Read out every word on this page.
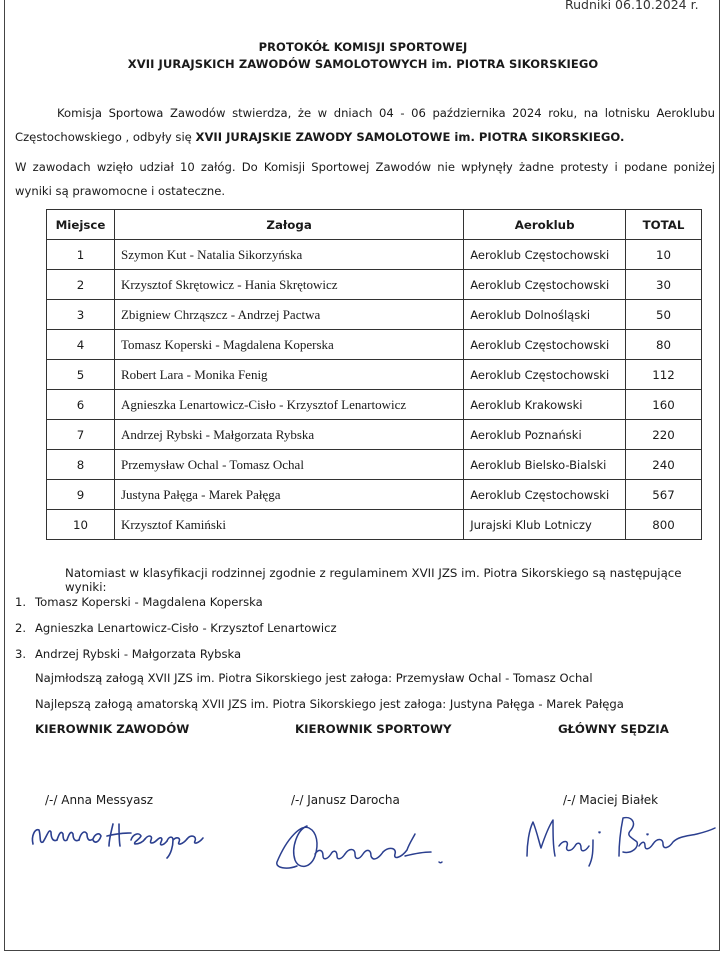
Rudniki 06.10.2024 r.
PROTOKÓŁ KOMISJI SPORTOWEJ
XVII JURAJSKICH ZAWODÓW SAMOLOTOWYCH im. PIOTRA SIKORSKIEGO
Komisja Sportowa Zawodów stwierdza, że w dniach 04 - 06 października 2024 roku, na lotnisku Aeroklubu Częstochowskiego , odbyły się XVII JURAJSKIE ZAWODY SAMOLOTOWE im. PIOTRA SIKORSKIEGO.
W zawodach wzięło udział 10 załóg. Do Komisji Sportowej Zawodów nie wpłynęły żadne protesty i podane poniżej wyniki są prawomocne i ostateczne.
Miejsce	Załoga	Aeroklub	TOTAL
1	Szymon Kut - Natalia Sikorzyńska	Aeroklub Częstochowski	10
2	Krzysztof Skrętowicz - Hania Skrętowicz	Aeroklub Częstochowski	30
3	Zbigniew Chrząszcz - Andrzej Pactwa	Aeroklub Dolnośląski	50
4	Tomasz Koperski - Magdalena Koperska	Aeroklub Częstochowski	80
5	Robert Lara - Monika Fenig	Aeroklub Częstochowski	112
6	Agnieszka Lenartowicz-Cisło - Krzysztof Lenartowicz	Aeroklub Krakowski	160
7	Andrzej Rybski - Małgorzata Rybska	Aeroklub Poznański	220
8	Przemysław Ochal - Tomasz Ochal	Aeroklub Bielsko-Bialski	240
9	Justyna Pałęga - Marek Pałęga	Aeroklub Częstochowski	567
10	Krzysztof Kamiński	Jurajski Klub Lotniczy	800
Natomiast w klasyfikacji rodzinnej zgodnie z regulaminem XVII JZS im. Piotra Sikorskiego są następujące wyniki:
1. Tomasz Koperski - Magdalena Koperska
2. Agnieszka Lenartowicz-Cisło - Krzysztof Lenartowicz
3. Andrzej Rybski - Małgorzata Rybska
Najmłodszą załogą XVII JZS im. Piotra Sikorskiego jest załoga: Przemysław Ochal - Tomasz Ochal
Najlepszą załogą amatorską XVII JZS im. Piotra Sikorskiego jest załoga: Justyna Pałęga - Marek Pałęga
KIEROWNIK ZAWODÓW	KIEROWNIK SPORTOWY	GŁÓWNY SĘDZIA
/-/ Anna Messyasz	/-/ Janusz Darocha	/-/ Maciej Białek
